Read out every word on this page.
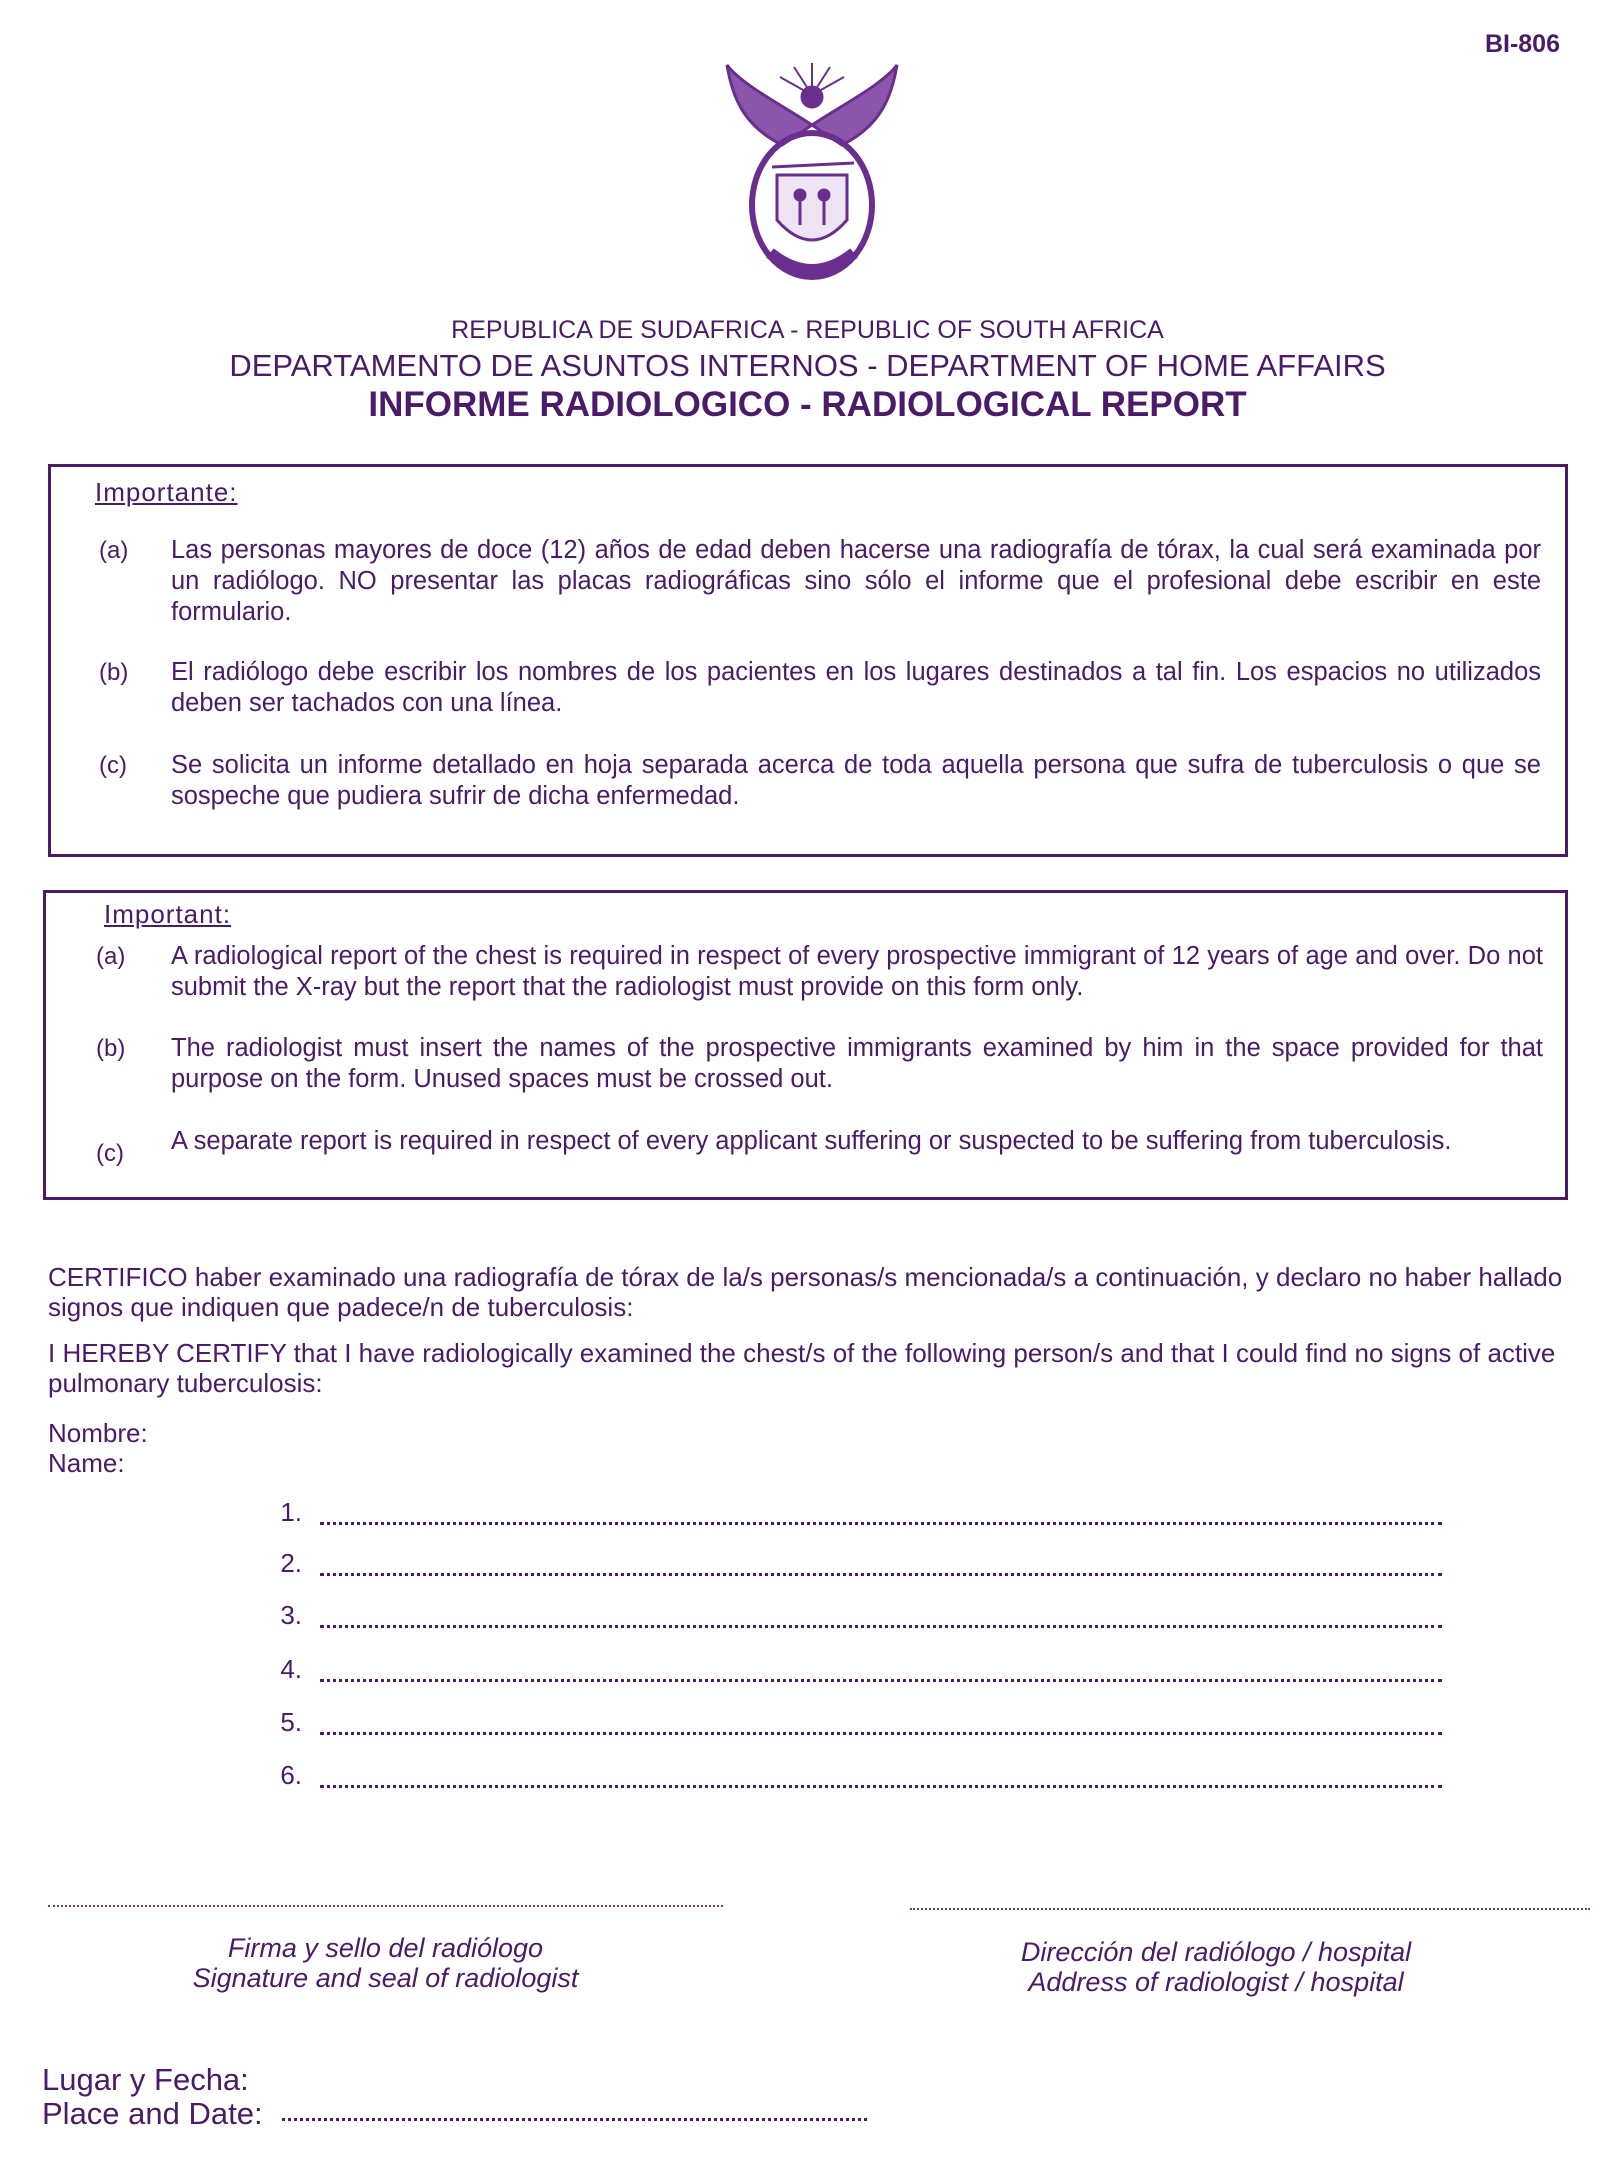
BI-806
REPUBLICA DE SUDAFRICA - REPUBLIC OF SOUTH AFRICA
DEPARTAMENTO DE ASUNTOS INTERNOS - DEPARTMENT OF HOME AFFAIRS
INFORME RADIOLOGICO - RADIOLOGICAL REPORT
Importante:
(a) Las personas mayores de doce (12) años de edad deben hacerse una radiografía de tórax, la cual será examinada por un radiólogo. NO presentar las placas radiográficas sino sólo el informe que el profesional debe escribir en este formulario.
(b) El radiólogo debe escribir los nombres de los pacientes en los lugares destinados a tal fin. Los espacios no utilizados deben ser tachados con una línea.
(c) Se solicita un informe detallado en hoja separada acerca de toda aquella persona que sufra de tuberculosis o que se sospeche que pudiera sufrir de dicha enfermedad.
Important:
(a) A radiological report of the chest is required in respect of every prospective immigrant of 12 years of age and over. Do not submit the X-ray but the report that the radiologist must provide on this form only.
(b) The radiologist must insert the names of the prospective immigrants examined by him in the space provided for that purpose on the form. Unused spaces must be crossed out.
(c) A separate report is required in respect of every applicant suffering or suspected to be suffering from tuberculosis.
CERTIFICO haber examinado una radiografía de tórax de la/s personas/s mencionada/s a continuación, y declaro no haber hallado signos que indiquen que padece/n de tuberculosis:
I HEREBY CERTIFY that I have radiologically examined the chest/s of the following person/s and that I could find no signs of active pulmonary tuberculosis:
Nombre:
Name:
1.
2.
3.
4.
5.
6.
Firma y sello del radiólogo
Signature and seal of radiologist
Dirección del radiólogo / hospital
Address of radiologist / hospital
Lugar y Fecha:
Place and Date:
